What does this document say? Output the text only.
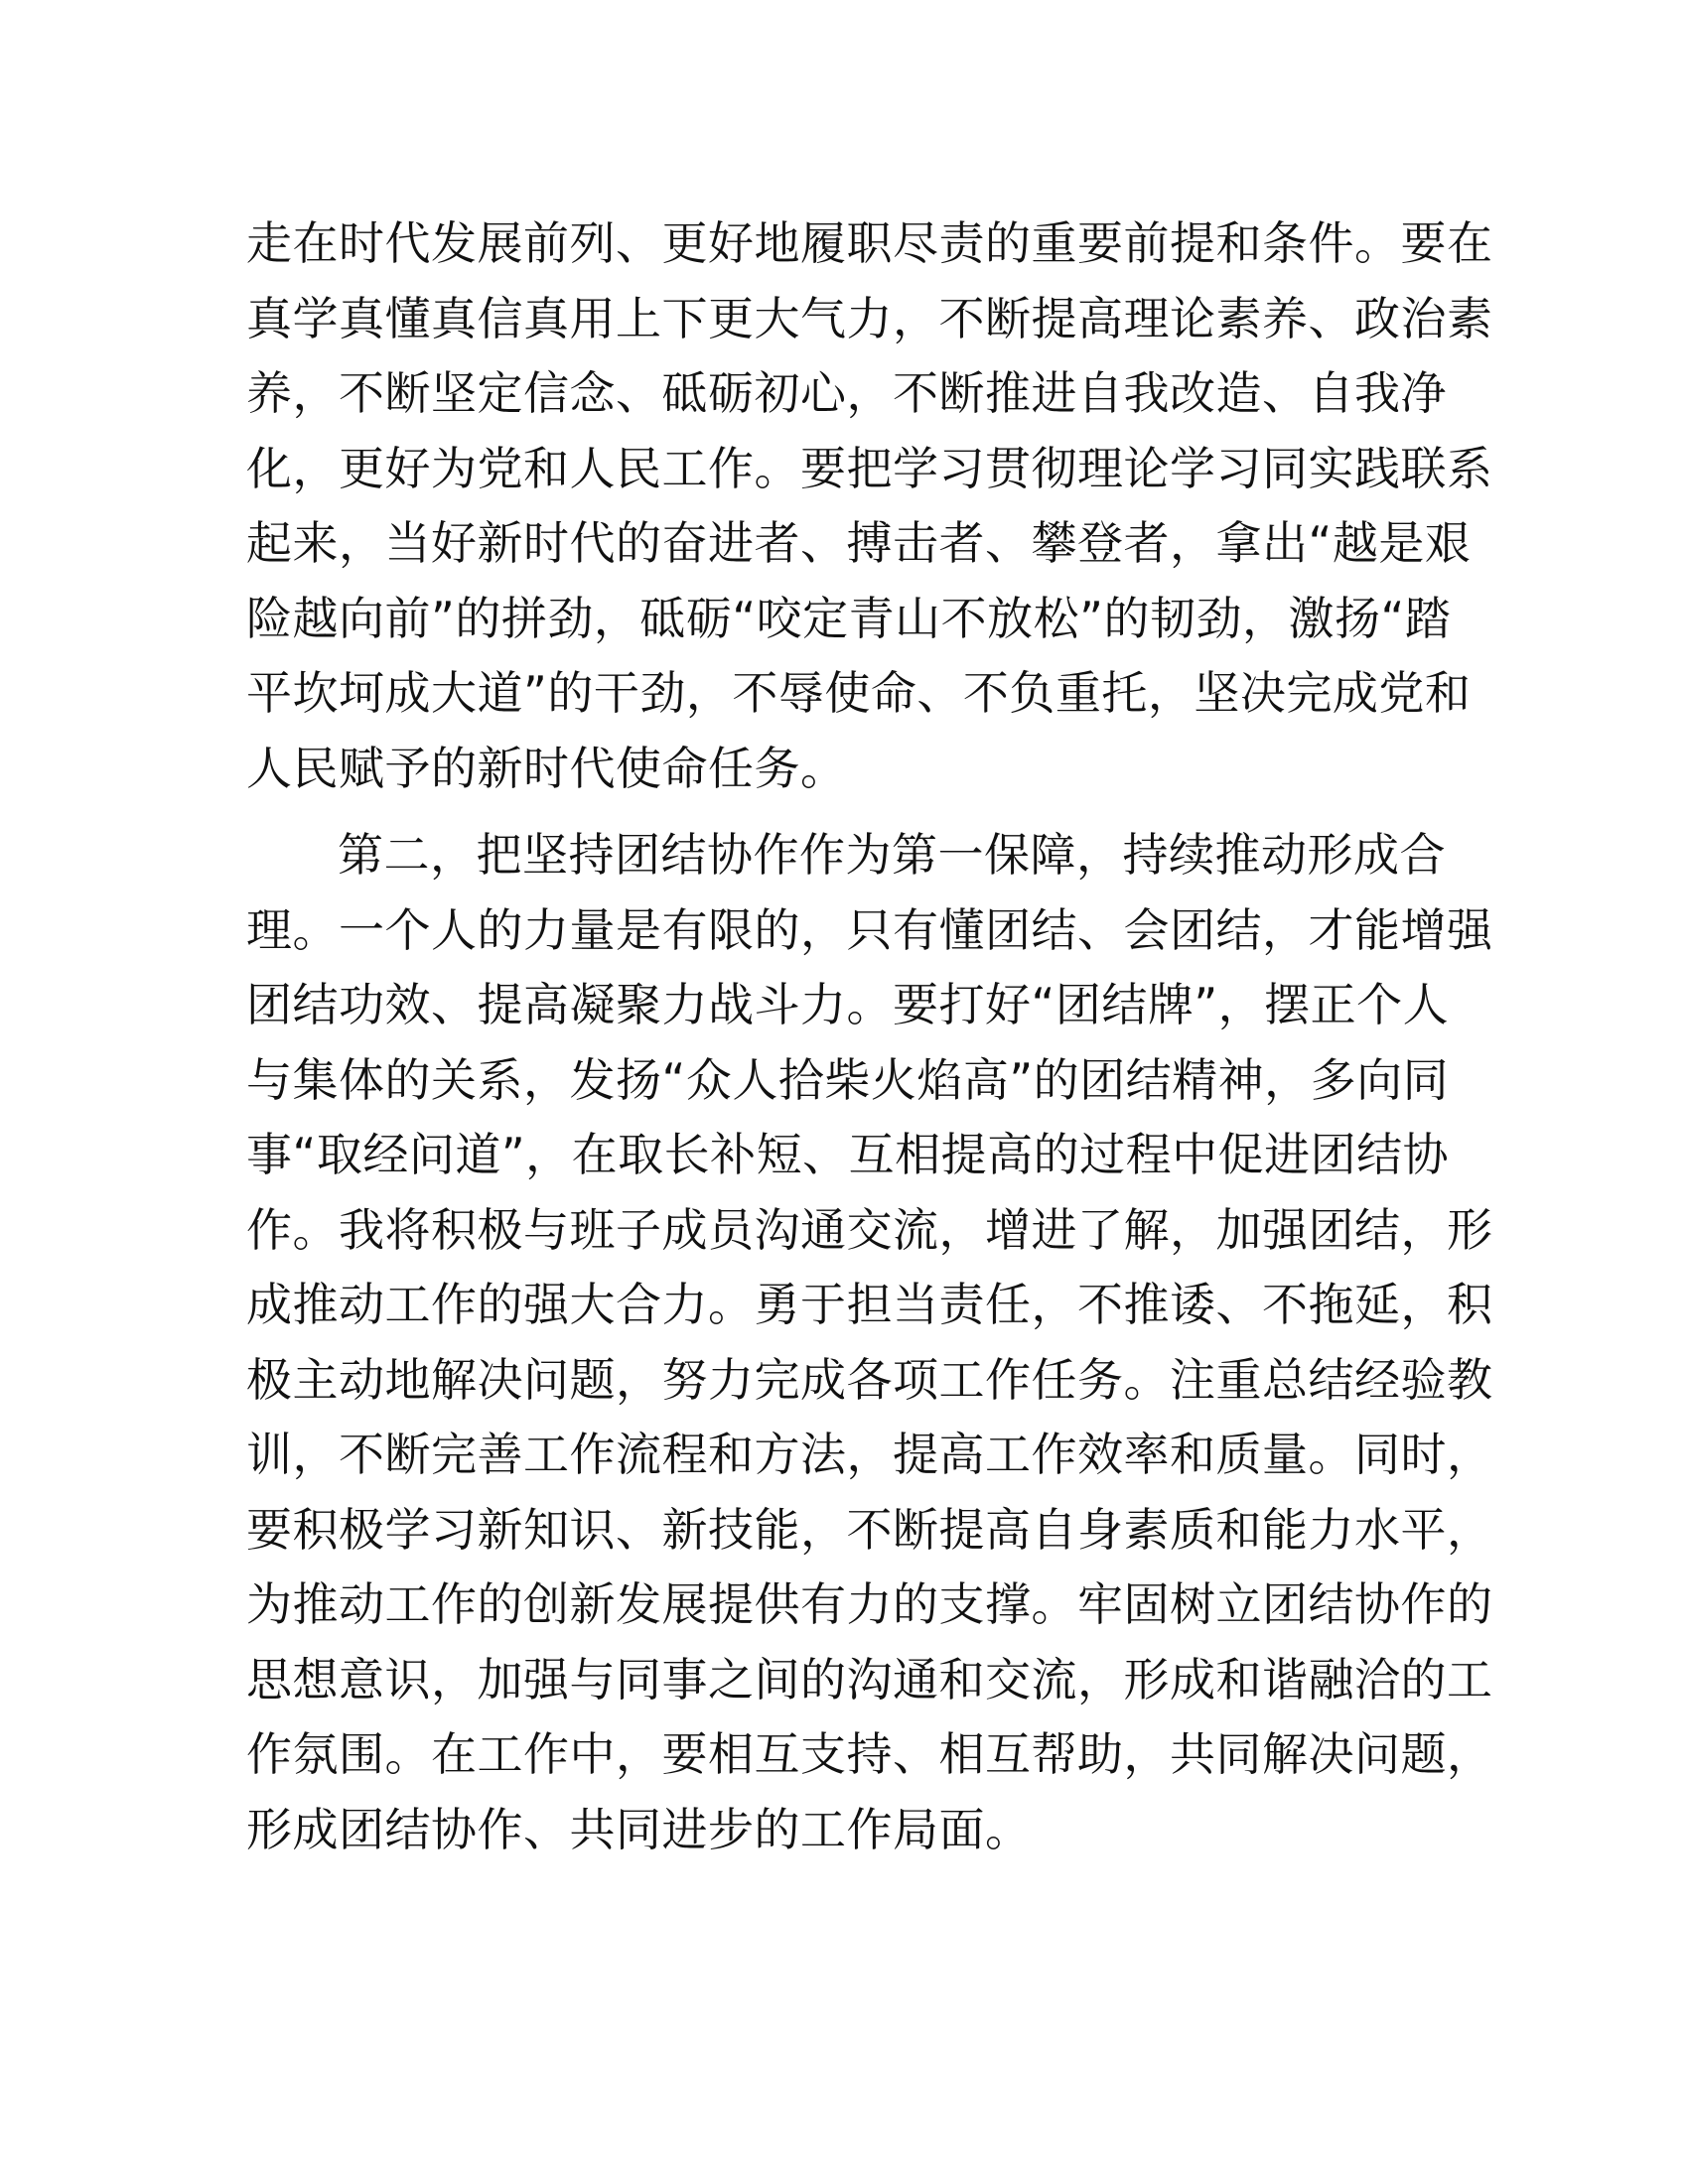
走在时代发展前列、更好地履职尽责的重要前提和条件。要在
真学真懂真信真用上下更大气力，不断提高理论素养、政治素
养，不断坚定信念、砥砺初心，不断推进自我改造、自我净
化，更好为党和人民工作。要把学习贯彻理论学习同实践联系
起来，当好新时代的奋进者、搏击者、攀登者，拿出“越是艰
险越向前”的拼劲，砥砺“咬定青山不放松”的韧劲，激扬“踏
平坎坷成大道”的干劲，不辱使命、不负重托，坚决完成党和
人民赋予的新时代使命任务。
第二，把坚持团结协作作为第一保障，持续推动形成合
理。一个人的力量是有限的，只有懂团结、会团结，才能增强
团结功效、提高凝聚力战斗力。要打好“团结牌”，摆正个人
与集体的关系，发扬“众人拾柴火焰高”的团结精神，多向同
事“取经问道”，在取长补短、互相提高的过程中促进团结协
作。我将积极与班子成员沟通交流，增进了解，加强团结，形
成推动工作的强大合力。勇于担当责任，不推诿、不拖延，积
极主动地解决问题，努力完成各项工作任务。注重总结经验教
训，不断完善工作流程和方法，提高工作效率和质量。同时，
要积极学习新知识、新技能，不断提高自身素质和能力水平，
为推动工作的创新发展提供有力的支撑。牢固树立团结协作的
思想意识，加强与同事之间的沟通和交流，形成和谐融洽的工
作氛围。在工作中，要相互支持、相互帮助，共同解决问题，
形成团结协作、共同进步的工作局面。
